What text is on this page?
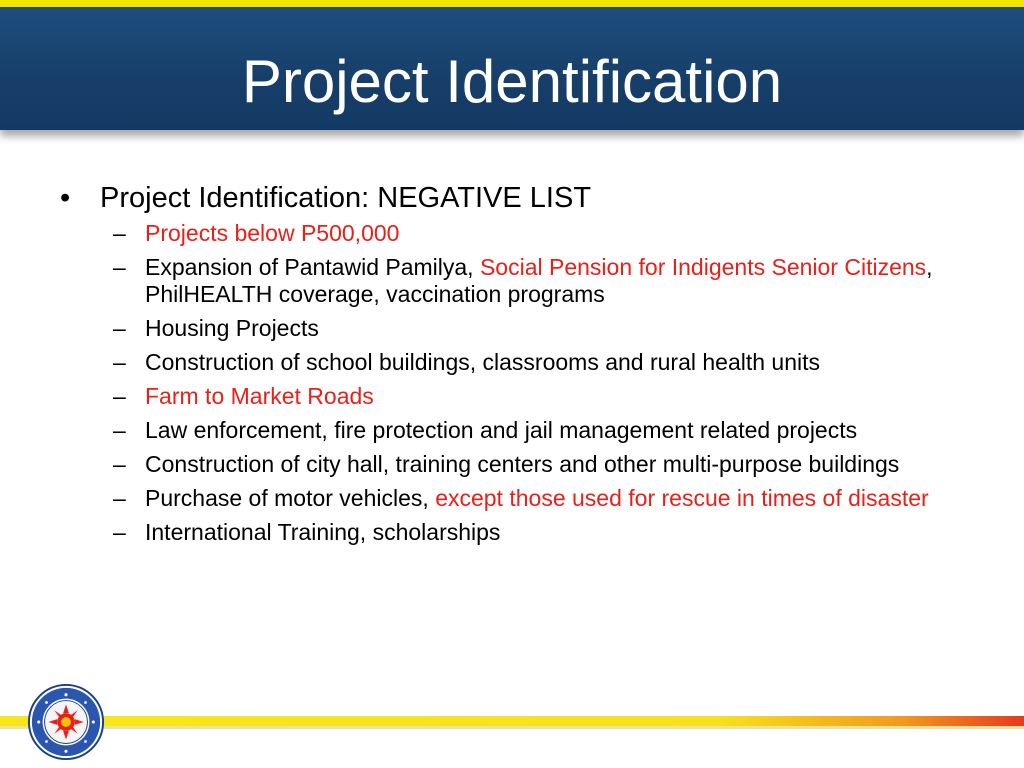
Project Identification
• Project Identification: NEGATIVE LIST
– Projects below P500,000
– Expansion of Pantawid Pamilya, Social Pension for Indigents Senior Citizens, PhilHEALTH coverage, vaccination programs
– Housing Projects
– Construction of school buildings, classrooms and rural health units
– Farm to Market Roads
– Law enforcement, fire protection and jail management related projects
– Construction of city hall, training centers and other multi-purpose buildings
– Purchase of motor vehicles, except those used for rescue in times of disaster
– International Training, scholarships
